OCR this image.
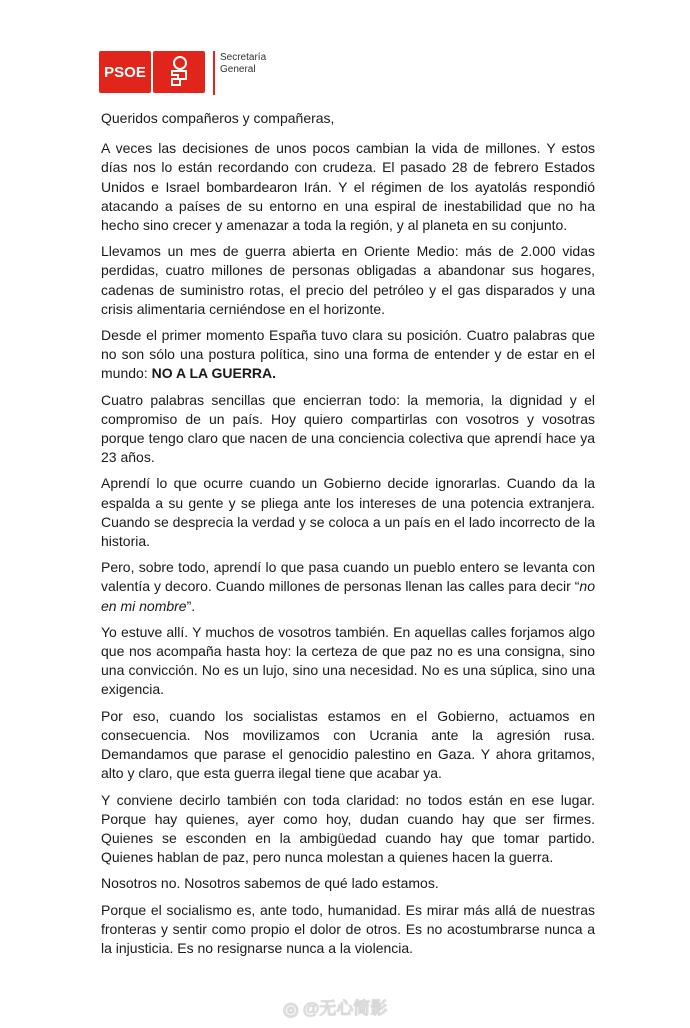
PSOE
Secretaría
General

Queridos compañeros y compañeras,

A veces las decisiones de unos pocos cambian la vida de millones. Y estos días nos lo están recordando con crudeza. El pasado 28 de febrero Estados Unidos e Israel bombardearon Irán. Y el régimen de los ayatolás respondió atacando a países de su entorno en una espiral de inestabilidad que no ha hecho sino crecer y amenazar a toda la región, y al planeta en su conjunto.

Llevamos un mes de guerra abierta en Oriente Medio: más de 2.000 vidas perdidas, cuatro millones de personas obligadas a abandonar sus hogares, cadenas de suministro rotas, el precio del petróleo y el gas disparados y una crisis alimentaria cerniéndose en el horizonte.

Desde el primer momento España tuvo clara su posición. Cuatro palabras que no son sólo una postura política, sino una forma de entender y de estar en el mundo: NO A LA GUERRA.

Cuatro palabras sencillas que encierran todo: la memoria, la dignidad y el compromiso de un país. Hoy quiero compartirlas con vosotros y vosotras porque tengo claro que nacen de una conciencia colectiva que aprendí hace ya 23 años.

Aprendí lo que ocurre cuando un Gobierno decide ignorarlas. Cuando da la espalda a su gente y se pliega ante los intereses de una potencia extranjera. Cuando se desprecia la verdad y se coloca a un país en el lado incorrecto de la historia.

Pero, sobre todo, aprendí lo que pasa cuando un pueblo entero se levanta con valentía y decoro. Cuando millones de personas llenan las calles para decir “no en mi nombre”.

Yo estuve allí. Y muchos de vosotros también. En aquellas calles forjamos algo que nos acompaña hasta hoy: la certeza de que paz no es una consigna, sino una convicción. No es un lujo, sino una necesidad. No es una súplica, sino una exigencia.

Por eso, cuando los socialistas estamos en el Gobierno, actuamos en consecuencia. Nos movilizamos con Ucrania ante la agresión rusa. Demandamos que parase el genocidio palestino en Gaza. Y ahora gritamos, alto y claro, que esta guerra ilegal tiene que acabar ya.

Y conviene decirlo también con toda claridad: no todos están en ese lugar. Porque hay quienes, ayer como hoy, dudan cuando hay que ser firmes. Quienes se esconden en la ambigüedad cuando hay que tomar partido. Quienes hablan de paz, pero nunca molestan a quienes hacen la guerra.

Nosotros no. Nosotros sabemos de qué lado estamos.

Porque el socialismo es, ante todo, humanidad. Es mirar más allá de nuestras fronteras y sentir como propio el dolor de otros. Es no acostumbrarse nunca a la injusticia. Es no resignarse nunca a la violencia.

◎ @无心简影
